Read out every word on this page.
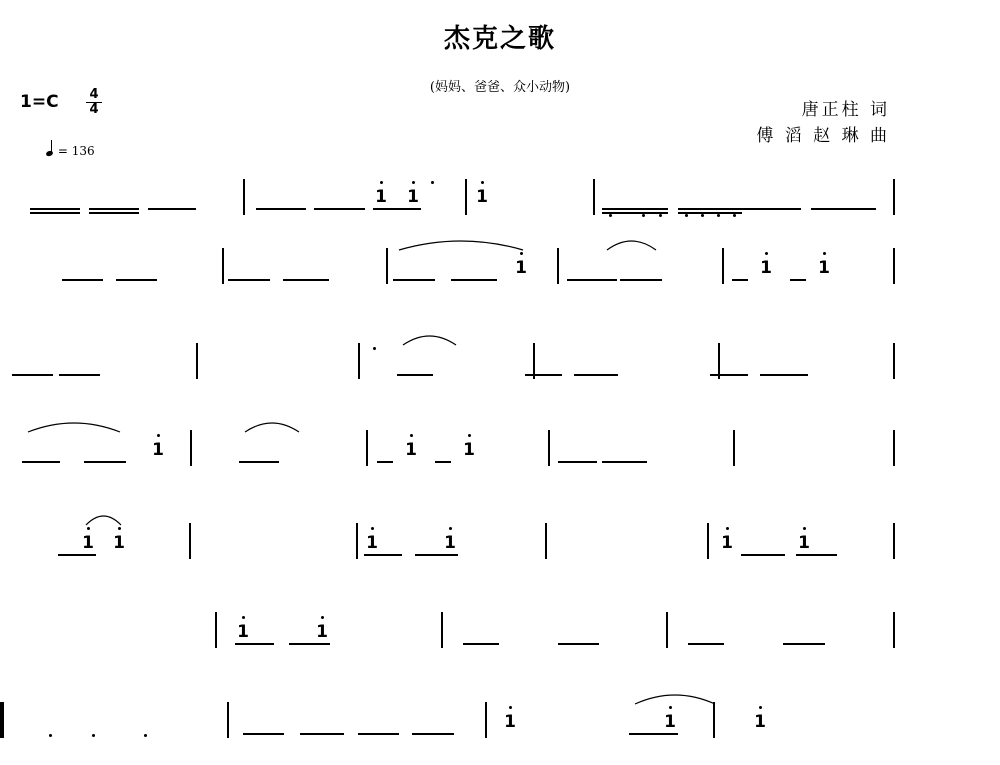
杰克之歌
(妈妈、爸爸、众小动物)
$1=C \frac{4}{4}$
= 136
唐正柱 词
傅 滔 赵 琳 曲
1	1	1
1	1	1
1 1	1	1	1	1
1	1
1	1	1
1 1	1
